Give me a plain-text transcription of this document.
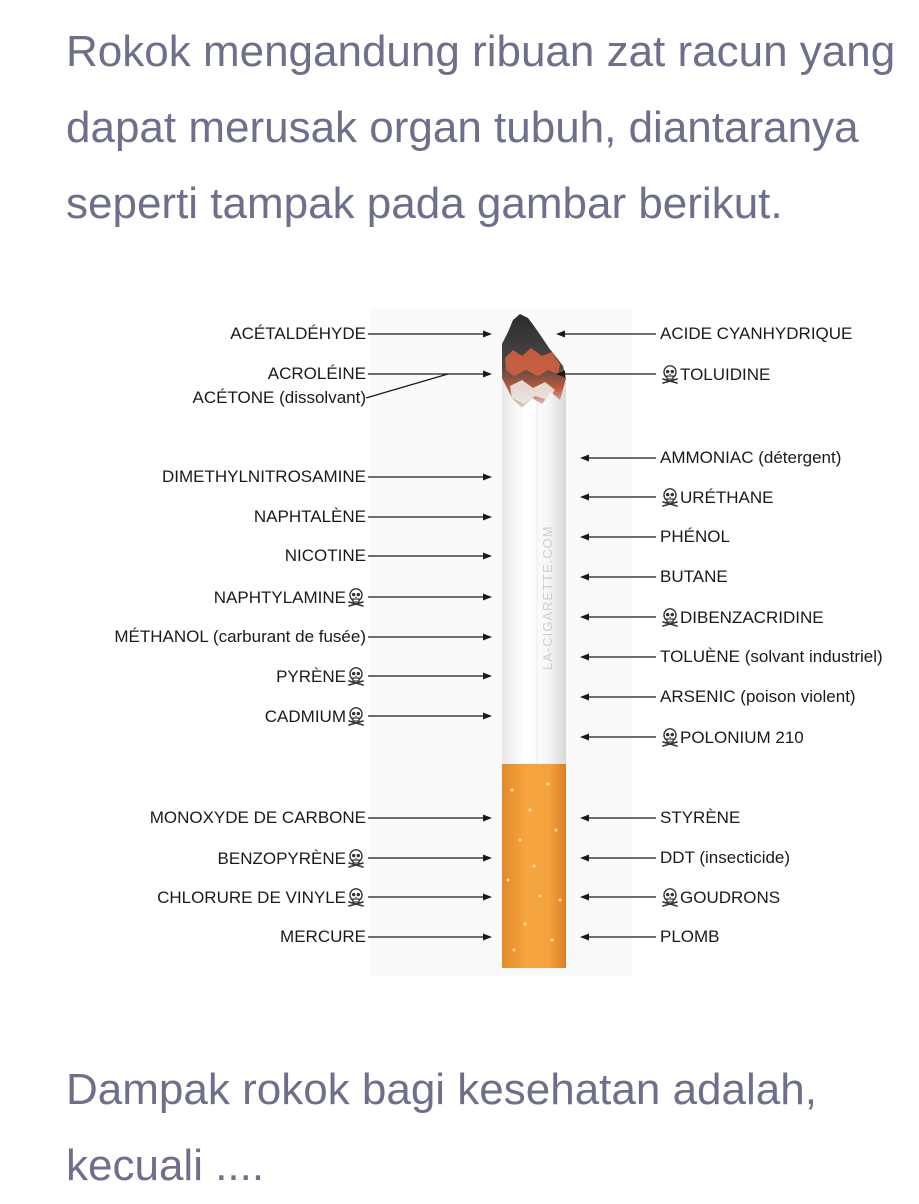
Rokok mengandung ribuan zat racun yang dapat merusak organ tubuh, diantaranya seperti tampak pada gambar berikut.

LA-CIGARETTE.COM
ACÉTALDÉHYDE
ACROLÉINE
ACÉTONE (dissolvant)
DIMETHYLNITROSAMINE
NAPHTALÈNE
NICOTINE
NAPHTYLAMINE
MÉTHANOL (carburant de fusée)
PYRÈNE
CADMIUM
MONOXYDE DE CARBONE
BENZOPYRÈNE
CHLORURE DE VINYLE
MERCURE
ACIDE CYANHYDRIQUE
TOLUIDINE
AMMONIAC (détergent)
URÉTHANE
PHÉNOL
BUTANE
DIBENZACRIDINE
TOLUÈNE (solvant industriel)
ARSENIC (poison violent)
POLONIUM 210
STYRÈNE
DDT (insecticide)
GOUDRONS
PLOMB

Dampak rokok bagi kesehatan adalah, kecuali ....
